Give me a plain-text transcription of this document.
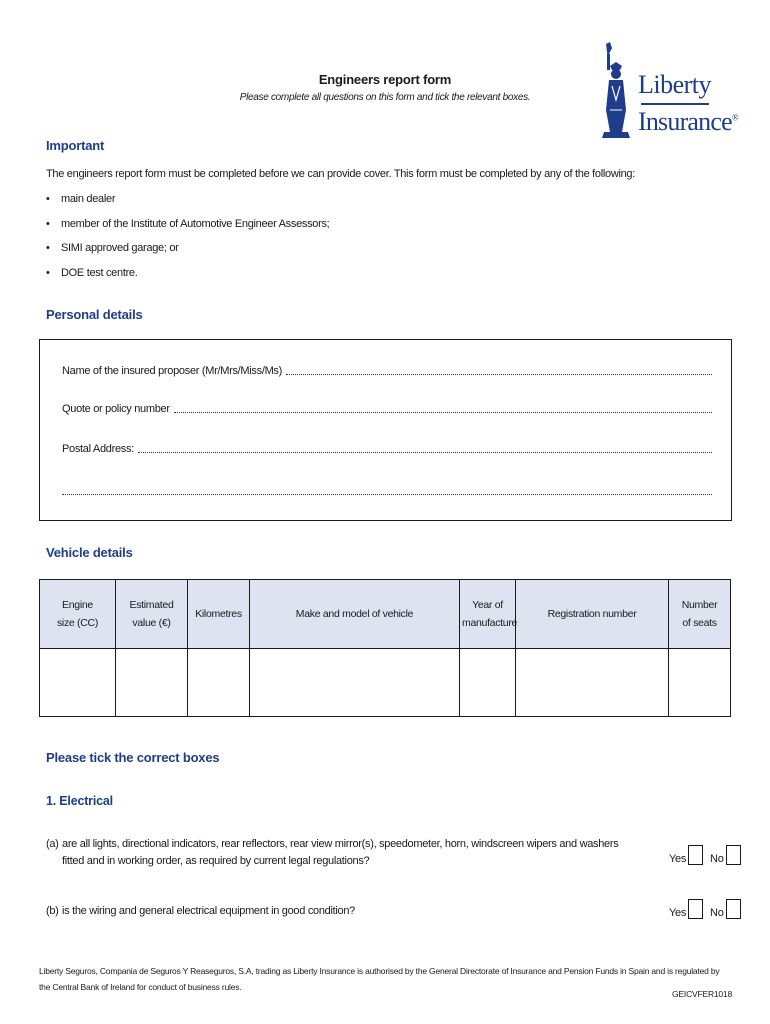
Engineers report form
Please complete all questions on this form and tick the relevant boxes.	Liberty
Insurance®
Important
The engineers report form must be completed before we can provide cover. This form must be completed by any of the following:
• main dealer
• member of the Institute of Automotive Engineer Assessors;
• SIMI approved garage; or
• DOE test centre.
Personal details
Name of the insured proposer (Mr/Mrs/Miss/Ms)
Quote or policy number
Postal Address:
Vehicle details
Engine size (CC)	Estimated value (€)	Kilometres	Make and model of vehicle	Year of manufacture	Registration number	Number of seats

Please tick the correct boxes
1. Electrical
(a) are all lights, directional indicators, rear reflectors, rear view mirror(s), speedometer, horn, windscreen wipers and washers
fitted and in working order, as required by current legal regulations?	Yes No
(b) is the wiring and general electrical equipment in good condition?	Yes No
Liberty Seguros, Compania de Seguros Y Reaseguros, S.A, trading as Liberty Insurance is authorised by the General Directorate of Insurance and Pension Funds in Spain and is regulated by the Central Bank of Ireland for conduct of business rules.
GEICVFER1018
